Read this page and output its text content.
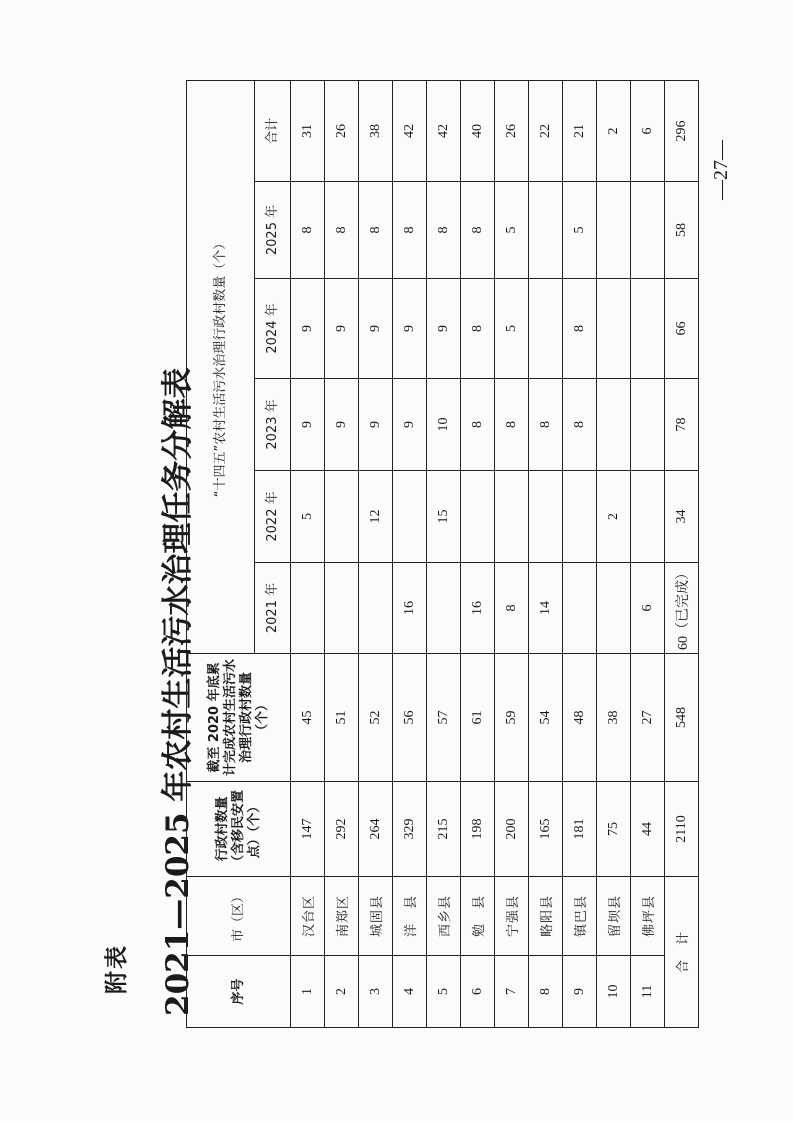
附表 2021—2025 年农村生活污水治理任务分解表	序号	市（区）	行政村数量（含移民安置点）（个）	截至 2020 年底累计完成农村生活污水治理行政村数量（个）	“十四五”农村生活污水治理行政村数量（个）					
				2021 年	2022 年	2023 年	2024 年	2025 年	合计
1	汉台区	147	45		5	9	9	8	31
2	南郑区	292	51			9	9	8	26
3	城固县	264	52		12	9	9	8	38
4	洋　县	329	56	16		9	9	8	42
5	西乡县	215	57		15	10	9	8	42
6	勉　县	198	61	16		8	8	8	40
7	宁强县	200	59	8		8	5	5	26
8	略阳县	165	54	14		8			22
9	镇巴县	181	48			8	8	5	21
10	留坝县	75	38		2				2
11	佛坪县	44	27	6					6
合　计		2110	548	60（已完成）	34	78	66	58	296
—27—
